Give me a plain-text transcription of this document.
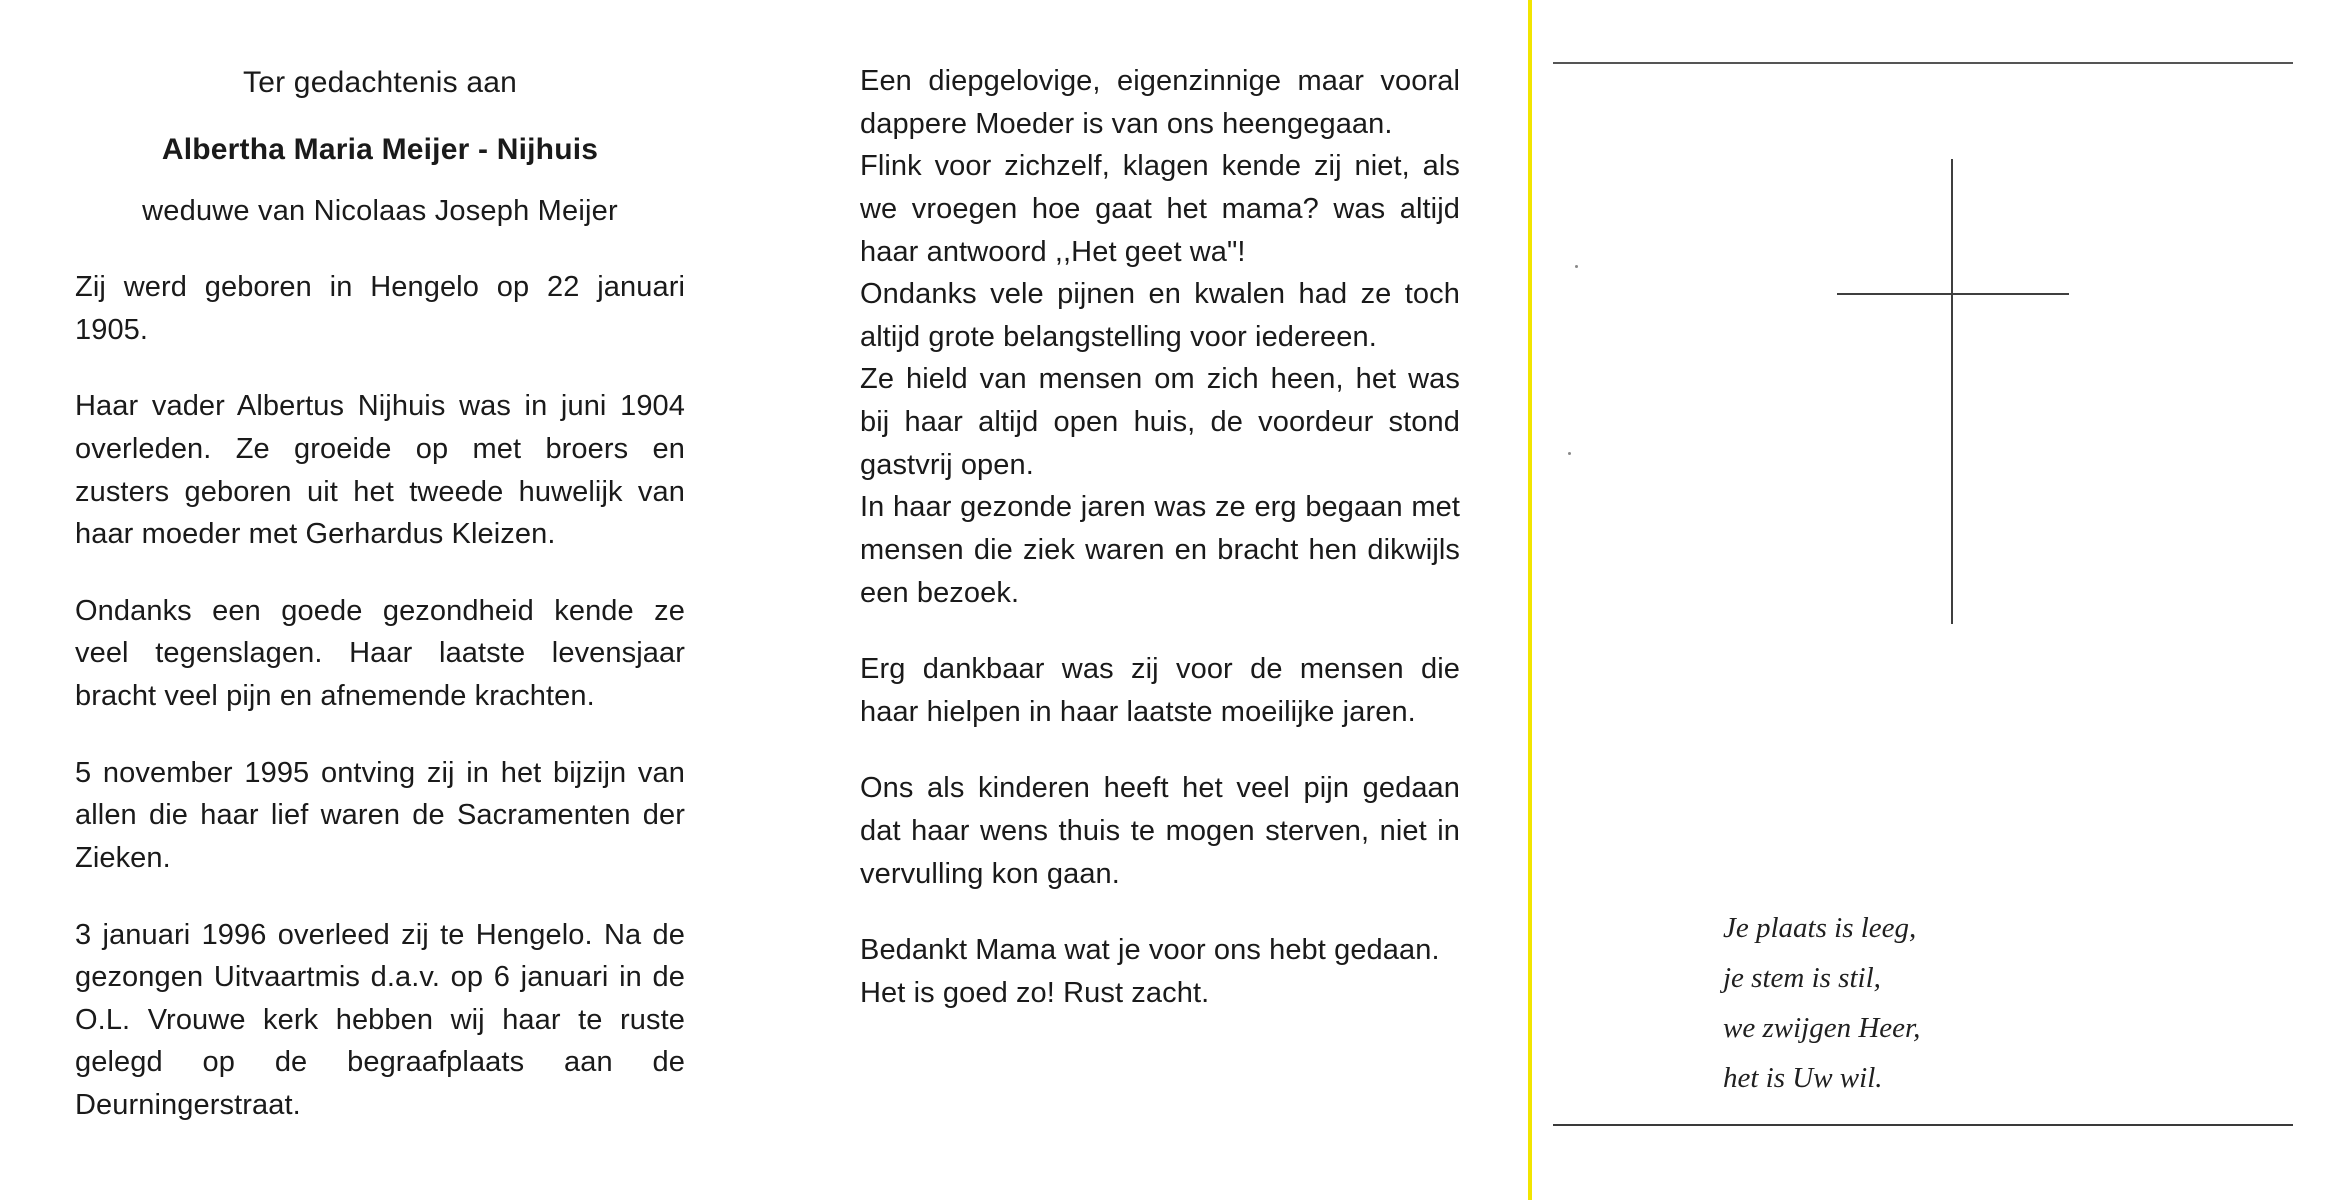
Ter gedachtenis aan
Albertha Maria Meijer - Nijhuis
weduwe van Nicolaas Joseph Meijer

Zij werd geboren in Hengelo op 22 januari 1905.

Haar vader Albertus Nijhuis was in juni 1904 overleden. Ze groeide op met broers en zusters geboren uit het tweede huwelijk van haar moeder met Gerhardus Kleizen.

Ondanks een goede gezondheid kende ze veel tegenslagen. Haar laatste levensjaar bracht veel pijn en afnemende krachten.

5 november 1995 ontving zij in het bijzijn van allen die haar lief waren de Sacramenten der Zieken.

3 januari 1996 overleed zij te Hengelo. Na de gezongen Uitvaartmis d.a.v. op 6 januari in de O.L. Vrouwe kerk hebben wij haar te ruste gelegd op de begraafplaats aan de Deurningerstraat.

Een diepgelovige, eigenzinnige maar vooral dappere Moeder is van ons heengegaan.

Flink voor zichzelf, klagen kende zij niet, als we vroegen hoe gaat het mama? was altijd haar antwoord ,,Het geet wa"!

Ondanks vele pijnen en kwalen had ze toch altijd grote belangstelling voor iedereen.

Ze hield van mensen om zich heen, het was bij haar altijd open huis, de voordeur stond gastvrij open.

In haar gezonde jaren was ze erg begaan met mensen die ziek waren en bracht hen dikwijls een bezoek.

Erg dankbaar was zij voor de mensen die haar hielpen in haar laatste moeilijke jaren.

Ons als kinderen heeft het veel pijn gedaan dat haar wens thuis te mogen sterven, niet in vervulling kon gaan.

Bedankt Mama wat je voor ons hebt gedaan.

Het is goed zo! Rust zacht.

Je plaats is leeg,
je stem is stil,
we zwijgen Heer,
het is Uw wil.
